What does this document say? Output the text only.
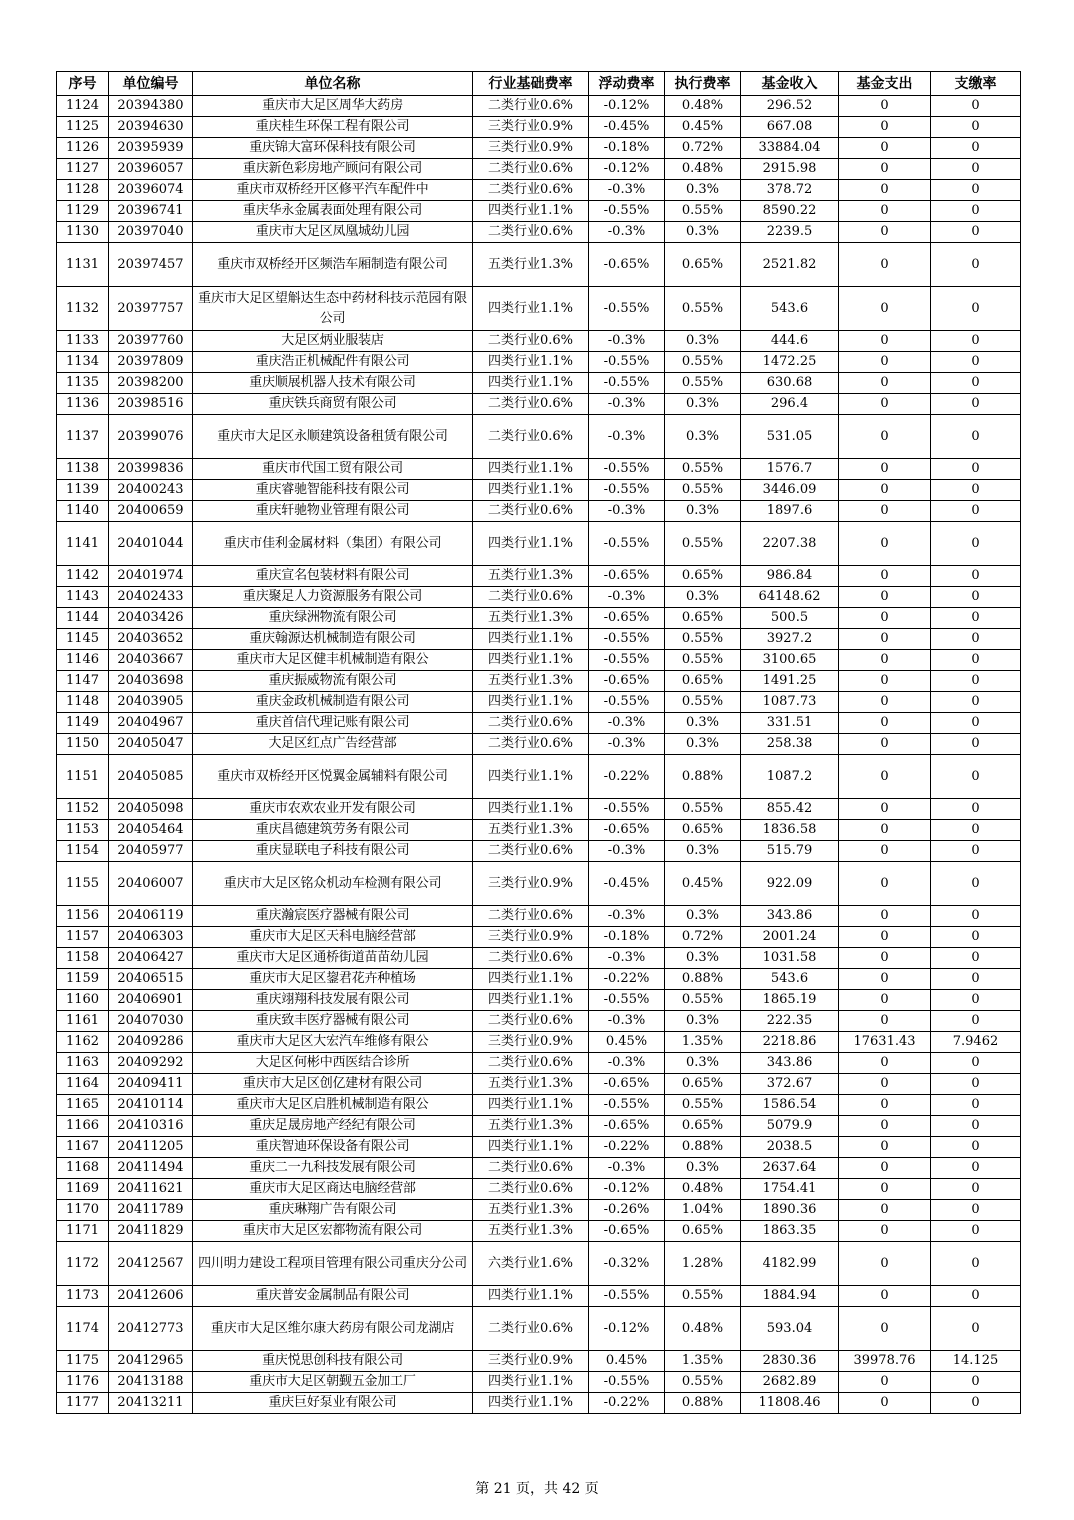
序号	单位编号	单位名称	行业基础费率	浮动费率	执行费率	基金收入	基金支出	支缴率
1124	20394380	重庆市大足区周华大药房	二类行业0.6%	-0.12%	0.48%	296.52	0	0
1125	20394630	重庆桂生环保工程有限公司	三类行业0.9%	-0.45%	0.45%	667.08	0	0
1126	20395939	重庆锦大富环保科技有限公司	三类行业0.9%	-0.18%	0.72%	33884.04	0	0
1127	20396057	重庆新色彩房地产顾问有限公司	二类行业0.6%	-0.12%	0.48%	2915.98	0	0
1128	20396074	重庆市双桥经开区修平汽车配件中	二类行业0.6%	-0.3%	0.3%	378.72	0	0
1129	20396741	重庆华永金属表面处理有限公司	四类行业1.1%	-0.55%	0.55%	8590.22	0	0
1130	20397040	重庆市大足区凤凰城幼儿园	二类行业0.6%	-0.3%	0.3%	2239.5	0	0
1131	20397457	重庆市双桥经开区频浩车厢制造有限公司	五类行业1.3%	-0.65%	0.65%	2521.82	0	0
1132	20397757	重庆市大足区望斛达生态中药材科技示范园有限公司	四类行业1.1%	-0.55%	0.55%	543.6	0	0
1133	20397760	大足区炳业服装店	二类行业0.6%	-0.3%	0.3%	444.6	0	0
1134	20397809	重庆浩正机械配件有限公司	四类行业1.1%	-0.55%	0.55%	1472.25	0	0
1135	20398200	重庆顺展机器人技术有限公司	四类行业1.1%	-0.55%	0.55%	630.68	0	0
1136	20398516	重庆铁兵商贸有限公司	二类行业0.6%	-0.3%	0.3%	296.4	0	0
1137	20399076	重庆市大足区永顺建筑设备租赁有限公司	二类行业0.6%	-0.3%	0.3%	531.05	0	0
1138	20399836	重庆市代国工贸有限公司	四类行业1.1%	-0.55%	0.55%	1576.7	0	0
1139	20400243	重庆睿驰智能科技有限公司	四类行业1.1%	-0.55%	0.55%	3446.09	0	0
1140	20400659	重庆轩驰物业管理有限公司	二类行业0.6%	-0.3%	0.3%	1897.6	0	0
1141	20401044	重庆市佳利金属材料（集团）有限公司	四类行业1.1%	-0.55%	0.55%	2207.38	0	0
1142	20401974	重庆宣名包装材料有限公司	五类行业1.3%	-0.65%	0.65%	986.84	0	0
1143	20402433	重庆聚足人力资源服务有限公司	二类行业0.6%	-0.3%	0.3%	64148.62	0	0
1144	20403426	重庆绿洲物流有限公司	五类行业1.3%	-0.65%	0.65%	500.5	0	0
1145	20403652	重庆翰源达机械制造有限公司	四类行业1.1%	-0.55%	0.55%	3927.2	0	0
1146	20403667	重庆市大足区健丰机械制造有限公	四类行业1.1%	-0.55%	0.55%	3100.65	0	0
1147	20403698	重庆振威物流有限公司	五类行业1.3%	-0.65%	0.65%	1491.25	0	0
1148	20403905	重庆金政机械制造有限公司	四类行业1.1%	-0.55%	0.55%	1087.73	0	0
1149	20404967	重庆首信代理记账有限公司	二类行业0.6%	-0.3%	0.3%	331.51	0	0
1150	20405047	大足区红点广告经营部	二类行业0.6%	-0.3%	0.3%	258.38	0	0
1151	20405085	重庆市双桥经开区悦翼金属辅料有限公司	四类行业1.1%	-0.22%	0.88%	1087.2	0	0
1152	20405098	重庆市农欢农业开发有限公司	四类行业1.1%	-0.55%	0.55%	855.42	0	0
1153	20405464	重庆昌德建筑劳务有限公司	五类行业1.3%	-0.65%	0.65%	1836.58	0	0
1154	20405977	重庆显联电子科技有限公司	二类行业0.6%	-0.3%	0.3%	515.79	0	0
1155	20406007	重庆市大足区铭众机动车检测有限公司	三类行业0.9%	-0.45%	0.45%	922.09	0	0
1156	20406119	重庆瀚宸医疗器械有限公司	二类行业0.6%	-0.3%	0.3%	343.86	0	0
1157	20406303	重庆市大足区天科电脑经营部	三类行业0.9%	-0.18%	0.72%	2001.24	0	0
1158	20406427	重庆市大足区通桥街道苗苗幼儿园	二类行业0.6%	-0.3%	0.3%	1031.58	0	0
1159	20406515	重庆市大足区鋆君花卉种植场	四类行业1.1%	-0.22%	0.88%	543.6	0	0
1160	20406901	重庆翊翔科技发展有限公司	四类行业1.1%	-0.55%	0.55%	1865.19	0	0
1161	20407030	重庆致丰医疗器械有限公司	二类行业0.6%	-0.3%	0.3%	222.35	0	0
1162	20409286	重庆市大足区大宏汽车维修有限公	三类行业0.9%	0.45%	1.35%	2218.86	17631.43	7.9462
1163	20409292	大足区何彬中西医结合诊所	二类行业0.6%	-0.3%	0.3%	343.86	0	0
1164	20409411	重庆市大足区创亿建材有限公司	五类行业1.3%	-0.65%	0.65%	372.67	0	0
1165	20410114	重庆市大足区启胜机械制造有限公	四类行业1.1%	-0.55%	0.55%	1586.54	0	0
1166	20410316	重庆足晟房地产经纪有限公司	五类行业1.3%	-0.65%	0.65%	5079.9	0	0
1167	20411205	重庆智迪环保设备有限公司	四类行业1.1%	-0.22%	0.88%	2038.5	0	0
1168	20411494	重庆二一九科技发展有限公司	二类行业0.6%	-0.3%	0.3%	2637.64	0	0
1169	20411621	重庆市大足区商达电脑经营部	二类行业0.6%	-0.12%	0.48%	1754.41	0	0
1170	20411789	重庆琳翔广告有限公司	五类行业1.3%	-0.26%	1.04%	1890.36	0	0
1171	20411829	重庆市大足区宏都物流有限公司	五类行业1.3%	-0.65%	0.65%	1863.35	0	0
1172	20412567	四川明力建设工程项目管理有限公司重庆分公司	六类行业1.6%	-0.32%	1.28%	4182.99	0	0
1173	20412606	重庆普安金属制品有限公司	四类行业1.1%	-0.55%	0.55%	1884.94	0	0
1174	20412773	重庆市大足区维尔康大药房有限公司龙湖店	二类行业0.6%	-0.12%	0.48%	593.04	0	0
1175	20412965	重庆悦思创科技有限公司	三类行业0.9%	0.45%	1.35%	2830.36	39978.76	14.125
1176	20413188	重庆市大足区朝觐五金加工厂	四类行业1.1%	-0.55%	0.55%	2682.89	0	0
1177	20413211	重庆巨好泵业有限公司	四类行业1.1%	-0.22%	0.88%	11808.46	0	0
第 21 页，共 42 页
